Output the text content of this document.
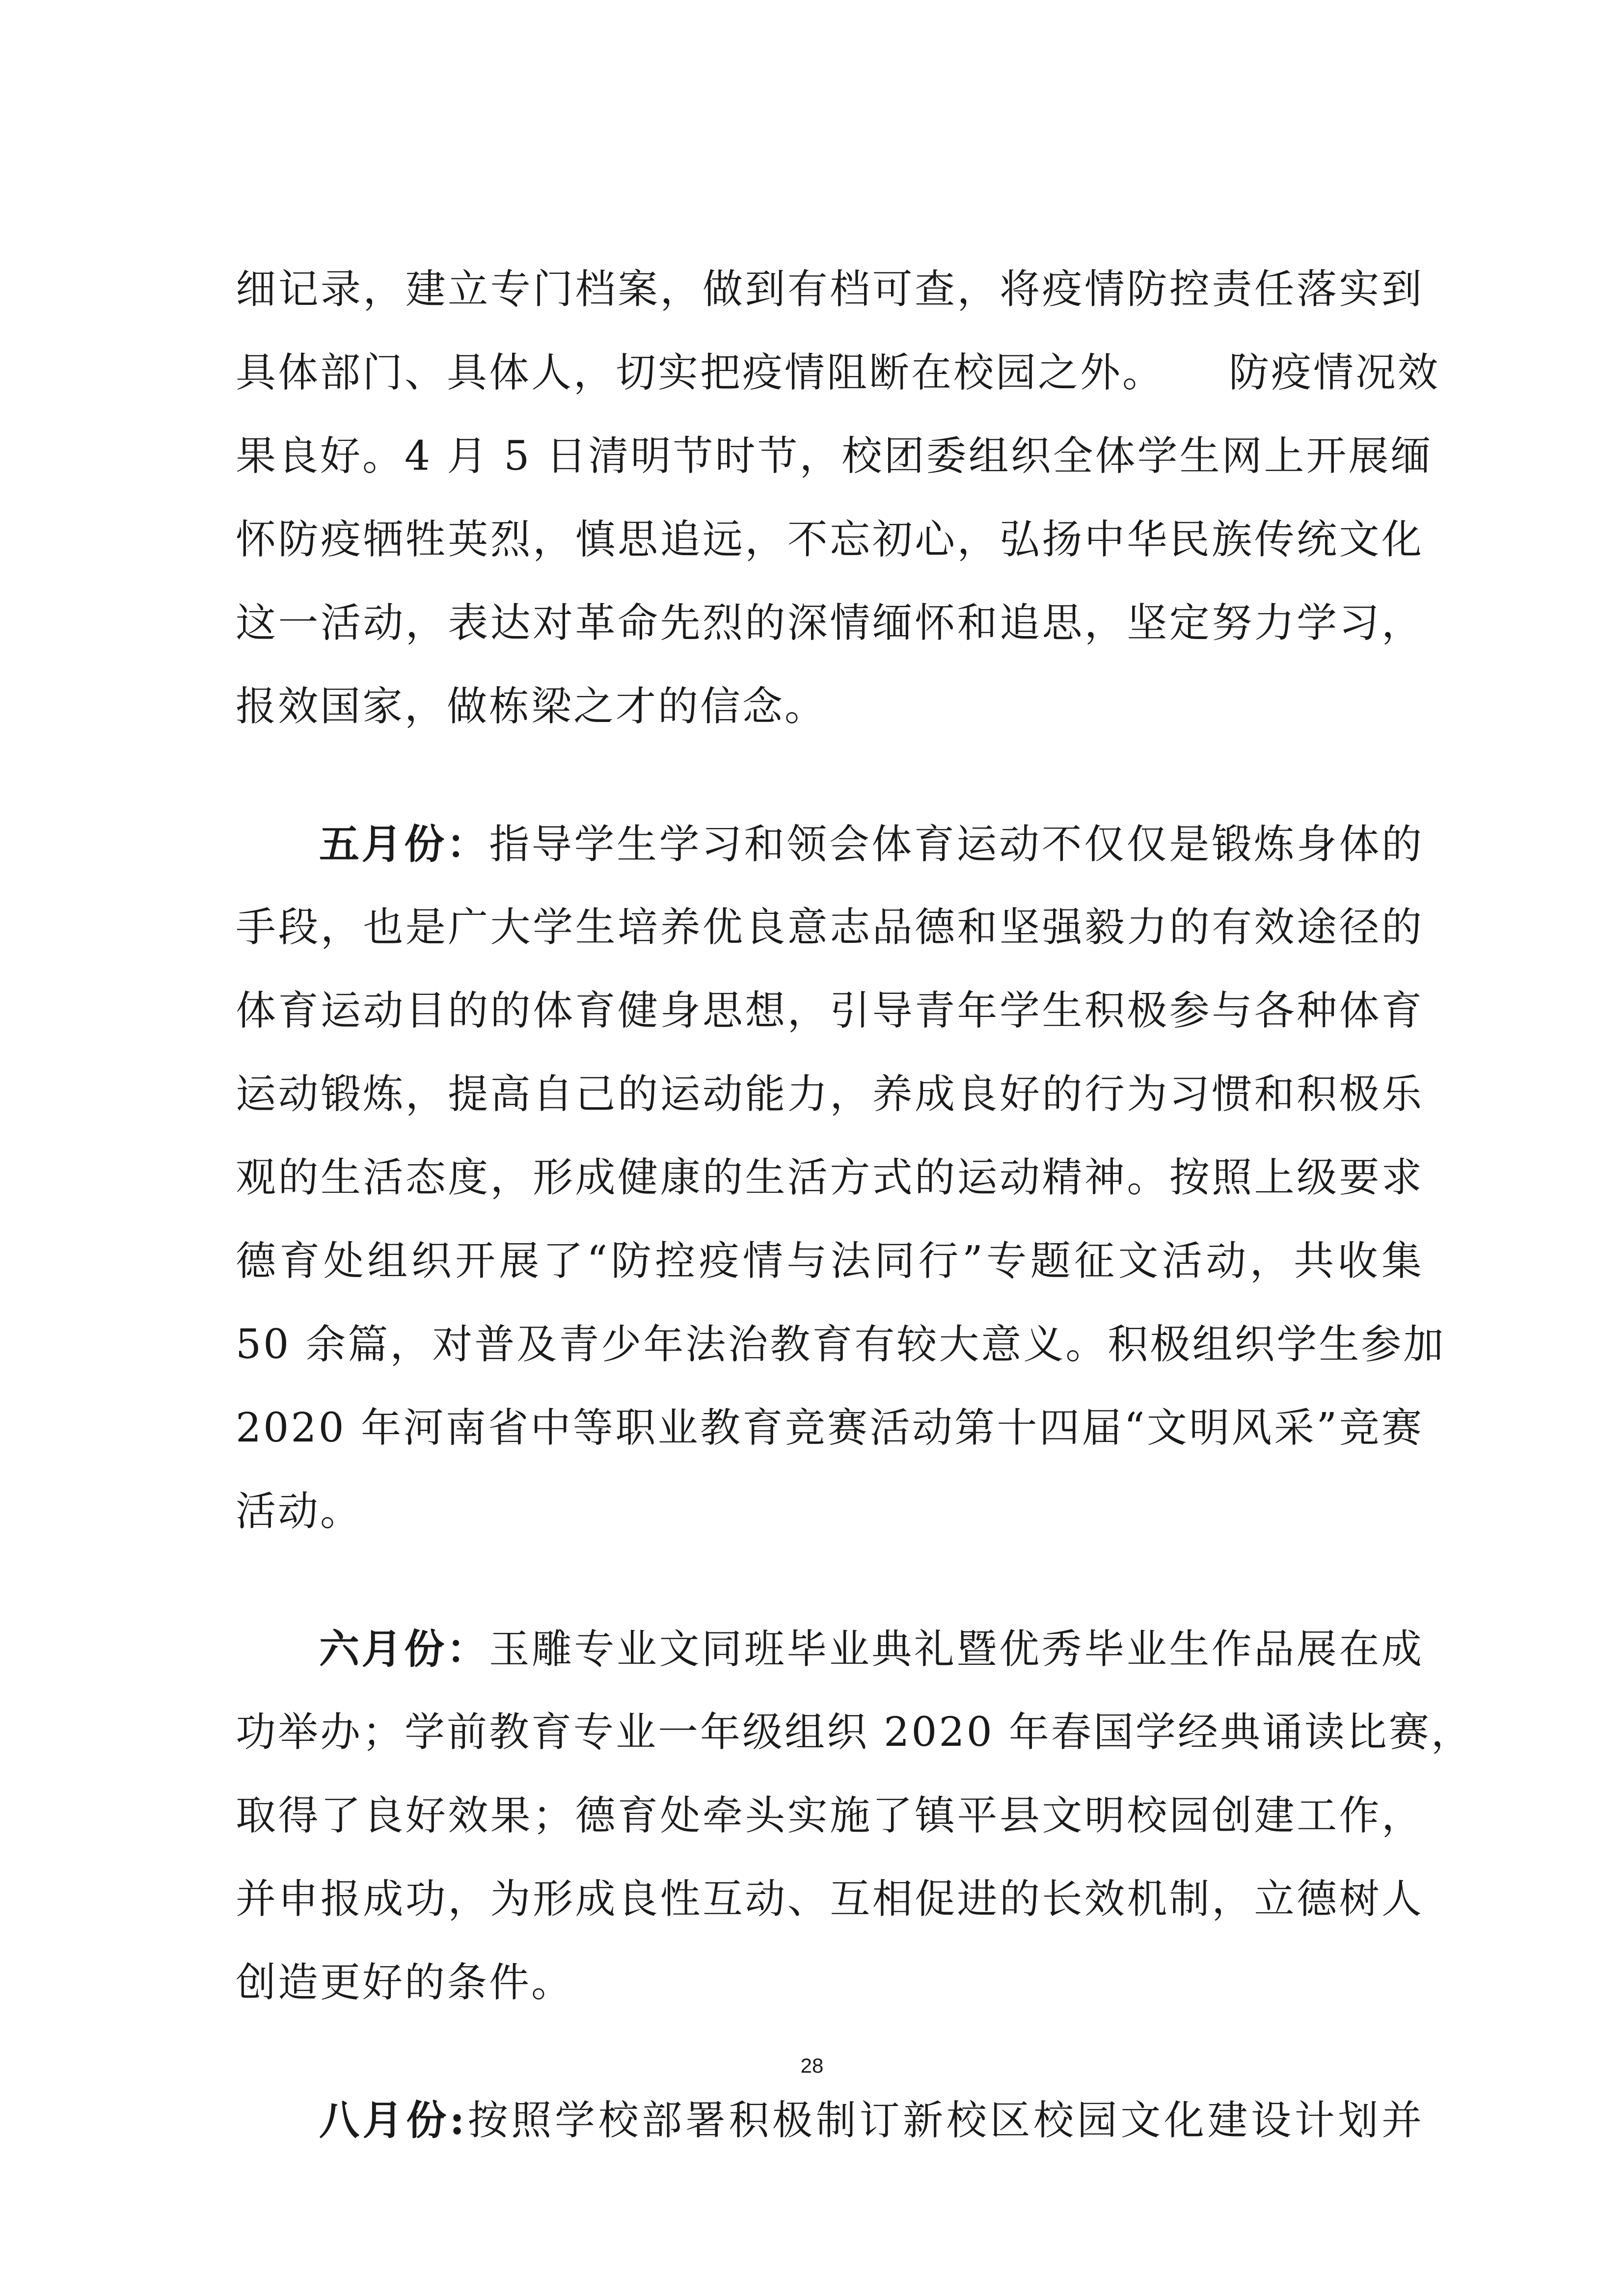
细记录，建立专门档案，做到有档可查，将疫情防控责任落实到
具体部门、具体人，切实把疫情阻断在校园之外。　　防疫情况效
果良好。4 月 5 日清明节时节，校团委组织全体学生网上开展缅
怀防疫牺牲英烈，慎思追远，不忘初心，弘扬中华民族传统文化
这一活动，表达对革命先烈的深情缅怀和追思，坚定努力学习，
报效国家，做栋梁之才的信念。
五月份：指导学生学习和领会体育运动不仅仅是锻炼身体的
手段，也是广大学生培养优良意志品德和坚强毅力的有效途径的
体育运动目的的体育健身思想，引导青年学生积极参与各种体育
运动锻炼，提高自己的运动能力，养成良好的行为习惯和积极乐
观的生活态度，形成健康的生活方式的运动精神。按照上级要求
德育处组织开展了“防控疫情与法同行”专题征文活动，共收集
50 余篇，对普及青少年法治教育有较大意义。积极组织学生参加
2020 年河南省中等职业教育竞赛活动第十四届“文明风采”竞赛
活动。
六月份：玉雕专业文同班毕业典礼暨优秀毕业生作品展在成
功举办；学前教育专业一年级组织 2020 年春国学经典诵读比赛，
取得了良好效果；德育处牵头实施了镇平县文明校园创建工作，
并申报成功，为形成良性互动、互相促进的长效机制，立德树人
创造更好的条件。
八月份:按照学校部署积极制订新校区校园文化建设计划并
28
